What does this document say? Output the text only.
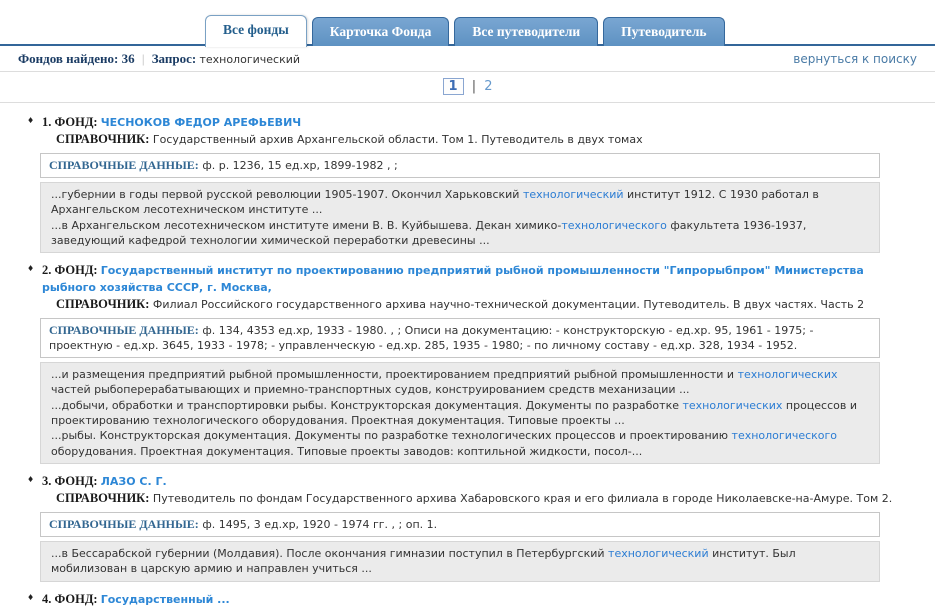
Все фонды	Карточка Фонда	Все путеводители	Путеводитель
Фондов найдено: 36 | Запрос: технологический	вернуться к поиску
1 | 2
♦ 1. ФОНД: ЧЕСНОКОВ ФЕДОР АРЕФЬЕВИЧ
СПРАВОЧНИК: Государственный архив Архангельской области. Том 1. Путеводитель в двух томах
СПРАВОЧНЫЕ ДАННЫЕ: ф. р. 1236, 15 ед.хр, 1899-1982 , ;
...губернии в годы первой русской революции 1905-1907. Окончил Харьковский технологический институт 1912. С 1930 работал в Архангельском лесотехническом институте ...
...в Архангельском лесотехническом институте имени В. В. Куйбышева. Декан химико-технологического факультета 1936-1937, заведующий кафедрой технологии химической переработки древесины ...
♦ 2. ФОНД: Государственный институт по проектированию предприятий рыбной промышленности "Гипрорыбпром" Министерства рыбного хозяйства СССР, г. Москва,
СПРАВОЧНИК: Филиал Российского государственного архива научно-технической документации. Путеводитель. В двух частях. Часть 2
СПРАВОЧНЫЕ ДАННЫЕ: ф. 134, 4353 ед.хр, 1933 - 1980. , ; Описи на документацию: - конструкторскую - ед.хр. 95, 1961 - 1975; - проектную - ед.хр. 3645, 1933 - 1978; - управленческую - ед.хр. 285, 1935 - 1980; - по личному составу - ед.хр. 328, 1934 - 1952.
...и размещения предприятий рыбной промышленности, проектированием предприятий рыбной промышленности и технологических частей рыбоперерабатывающих и приемно-транспортных судов, конструированием средств механизации ...
...добычи, обработки и транспортировки рыбы. Конструкторская документация. Документы по разработке технологических процессов и проектированию технологического оборудования. Проектная документация. Типовые проекты ...
...рыбы. Конструкторская документация. Документы по разработке технологических процессов и проектированию технологического оборудования. Проектная документация. Типовые проекты заводов: коптильной жидкости, посол-...
♦ 3. ФОНД: ЛАЗО С. Г.
СПРАВОЧНИК: Путеводитель по фондам Государственного архива Хабаровского края и его филиала в городе Николаевске-на-Амуре. Том 2.
СПРАВОЧНЫЕ ДАННЫЕ: ф. 1495, 3 ед.хр, 1920 - 1974 гг. , ; оп. 1.
...в Бессарабской губернии (Молдавия). После окончания гимназии поступил в Петербургский технологический институт. Был мобилизован в царскую армию и направлен учиться ...
♦ 4. ФОНД: Государственный ...
